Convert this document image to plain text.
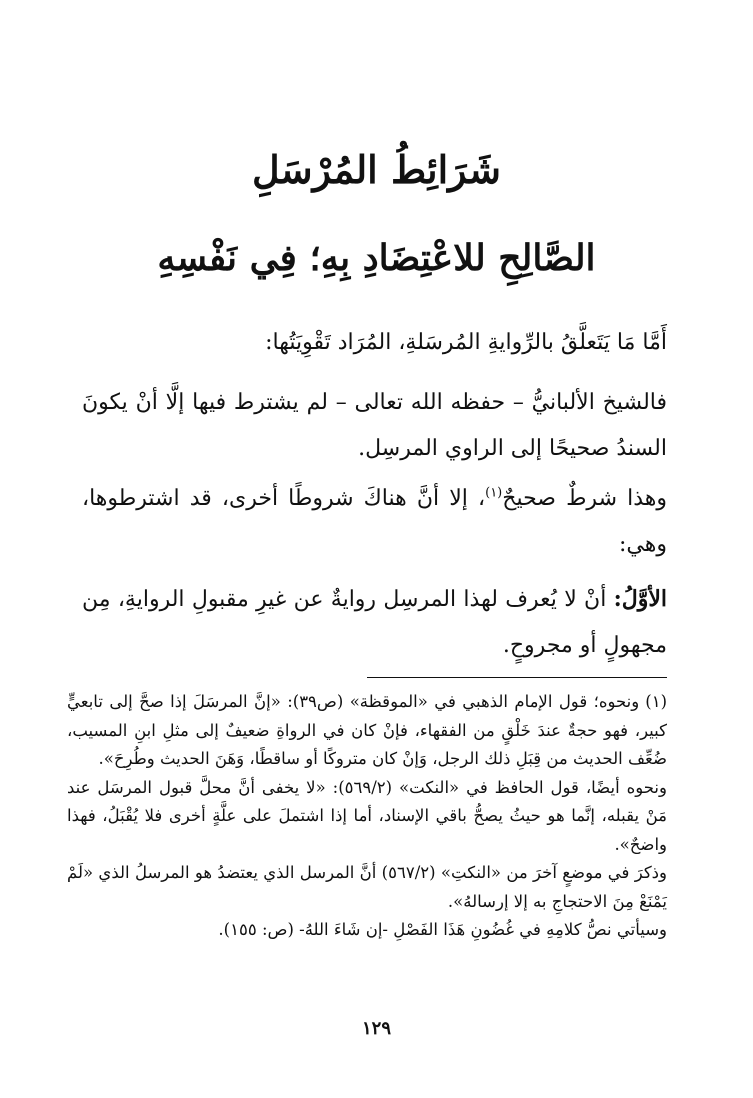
شَرَائِطُ المُرْسَلِ
الصَّالِحِ للاعْتِضَادِ بِهِ؛ فِي نَفْسِهِ

أَمَّا مَا يَتَعلَّقُ بالرِّوايةِ المُرسَلةِ، المُرَاد تَقْوِيَتُها:

فالشيخ الألبانيُّ – حفظه الله تعالى – لم يشترط فيها إلَّا أنْ يكونَ السندُ صحيحًا إلى الراوي المرسِل.

وهذا شرطٌ صحيحٌ$^{(١)}$، إلا أنَّ هناكَ شروطًا أخرى، قد اشترطوها، وهي:

الأوَّلُ: أنْ لا يُعرف لهذا المرسِل روايةٌ عن غيرِ مقبولِ الروايةِ، مِن مجهولٍ أو مجروحٍ.

(١)ونحوه؛ قول الإمام الذهبي في «الموقظة» (ص٣٩): «إنَّ المرسَلَ إذا صحَّ إلى تابعيٍّ كبير، فهو حجةٌ عندَ خَلْقٍ من الفقهاء، فإنْ كان في الرواةِ ضعيفٌ إلى مثلِ ابنِ المسيب، ضُعِّف الحديث من قِبَلِ ذلك الرجل، وَإنْ كان متروكًا أو ساقطًا، وَهَنَ الحديث وطُرِحَ».

ونحوه أيضًا، قول الحافظ في «النكت» (٥٦٩/٢): «لا يخفى أنَّ محلَّ قبول المرسَل عند مَنْ يقبله، إنَّما هو حيثُ يصحُّ باقي الإسناد، أما إذا اشتملَ على علَّةٍ أخرى فلا يُقْبَلُ، فهذا واضحٌ».

وذكرَ في موضعٍ آخرَ من «النكتِ» (٥٦٧/٢) أنَّ المرسل الذي يعتضدُ هو المرسلُ الذي «لَمْ يَمْنَعْ مِنَ الاحتجاجِ به إلا إرسالهُ».

وسيأتي نصُّ كلامِهِ في غُضُونِ هَذَا الفَصْلِ -إن شَاءَ اللهُ- (ص: ١٥٥).

١٢٩
